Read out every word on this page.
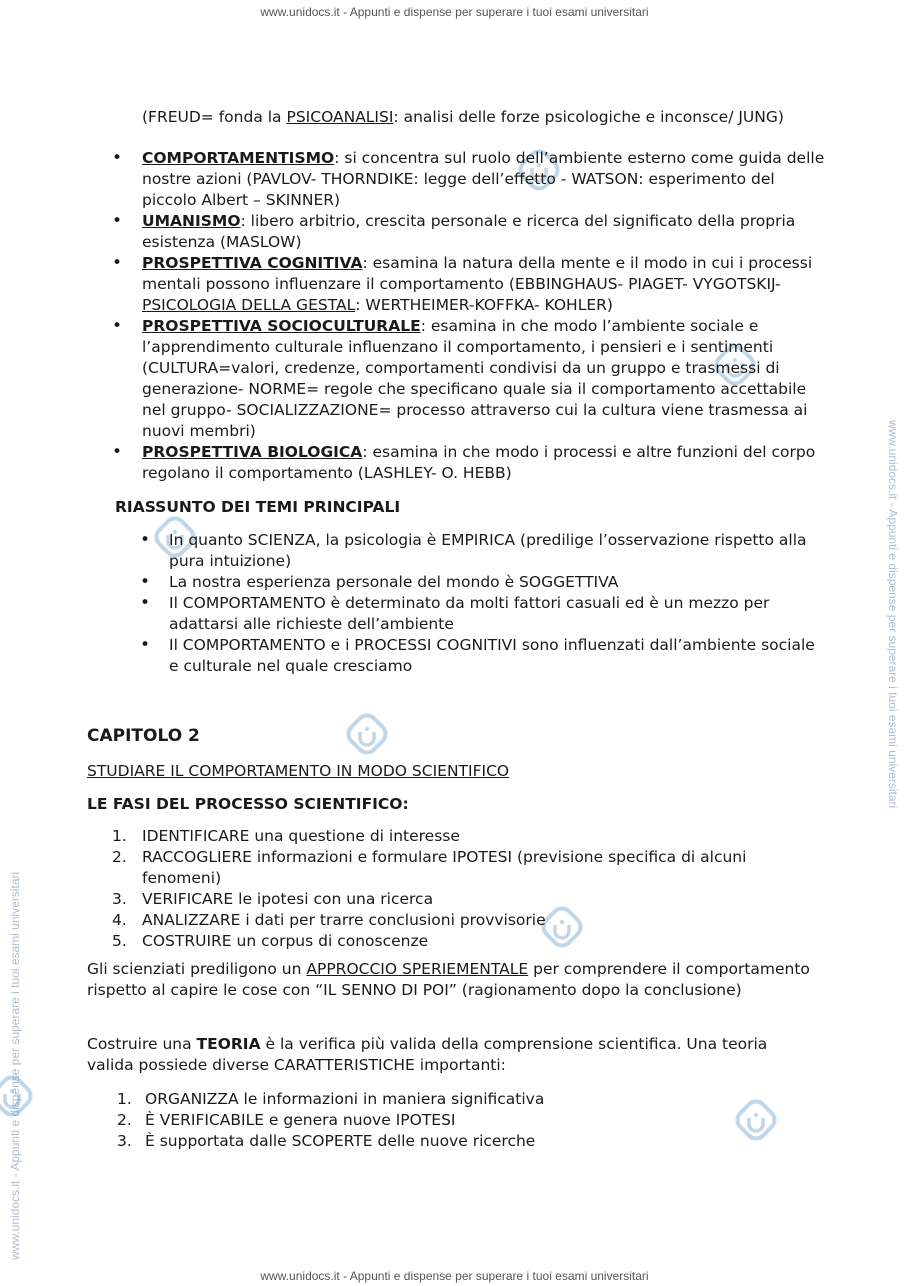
www.unidocs.it - Appunti e dispense per superare i tuoi esami universitari
www.unidocs.it - Appunti e dispense per superare i tuoi esami universitari
www.unidocs.it - Appunti e dispense per superare i tuoi esami universitari
www.unidocs.it - Appunti e dispense per superare i tuoi esami universitari

(FREUD= fonda la PSICOANALISI: analisi delle forze psicologiche e inconsce/ JUNG)

• COMPORTAMENTISMO: si concentra sul ruolo dell’ambiente esterno come guida delle nostre azioni (PAVLOV- THORNDIKE: legge dell’effetto - WATSON: esperimento del piccolo Albert – SKINNER)
• UMANISMO: libero arbitrio, crescita personale e ricerca del significato della propria esistenza (MASLOW)
• PROSPETTIVA COGNITIVA: esamina la natura della mente e il modo in cui i processi mentali possono influenzare il comportamento (EBBINGHAUS- PIAGET- VYGOTSKIJ- PSICOLOGIA DELLA GESTAL: WERTHEIMER-KOFFKA- KOHLER)
• PROSPETTIVA SOCIOCULTURALE: esamina in che modo l’ambiente sociale e l’apprendimento culturale influenzano il comportamento, i pensieri e i sentimenti (CULTURA=valori, credenze, comportamenti condivisi da un gruppo e trasmessi di generazione- NORME= regole che specificano quale sia il comportamento accettabile nel gruppo- SOCIALIZZAZIONE= processo attraverso cui la cultura viene trasmessa ai nuovi membri)
• PROSPETTIVA BIOLOGICA: esamina in che modo i processi e altre funzioni del corpo regolano il comportamento (LASHLEY- O. HEBB)
RIASSUNTO DEI TEMI PRINCIPALI
• In quanto SCIENZA, la psicologia è EMPIRICA (predilige l’osservazione rispetto alla pura intuizione)
• La nostra esperienza personale del mondo è SOGGETTIVA
• Il COMPORTAMENTO è determinato da molti fattori casuali ed è un mezzo per adattarsi alle richieste dell’ambiente
• Il COMPORTAMENTO e i PROCESSI COGNITIVI sono influenzati dall’ambiente sociale e culturale nel quale cresciamo
CAPITOLO 2
STUDIARE IL COMPORTAMENTO IN MODO SCIENTIFICO
LE FASI DEL PROCESSO SCIENTIFICO:
1. IDENTIFICARE una questione di interesse
2. RACCOGLIERE informazioni e formulare IPOTESI (previsione specifica di alcuni fenomeni)
3. VERIFICARE le ipotesi con una ricerca
4. ANALIZZARE i dati per trarre conclusioni provvisorie
5. COSTRUIRE un corpus di conoscenze

Gli scienziati prediligono un APPROCCIO SPERIEMENTALE per comprendere il comportamento rispetto al capire le cose con “IL SENNO DI POI” (ragionamento dopo la conclusione)

Costruire una TEORIA è la verifica più valida della comprensione scientifica. Una teoria valida possiede diverse CARATTERISTICHE importanti:

1. ORGANIZZA le informazioni in maniera significativa
2. È VERIFICABILE e genera nuove IPOTESI
3. È supportata dalle SCOPERTE delle nuove ricerche
